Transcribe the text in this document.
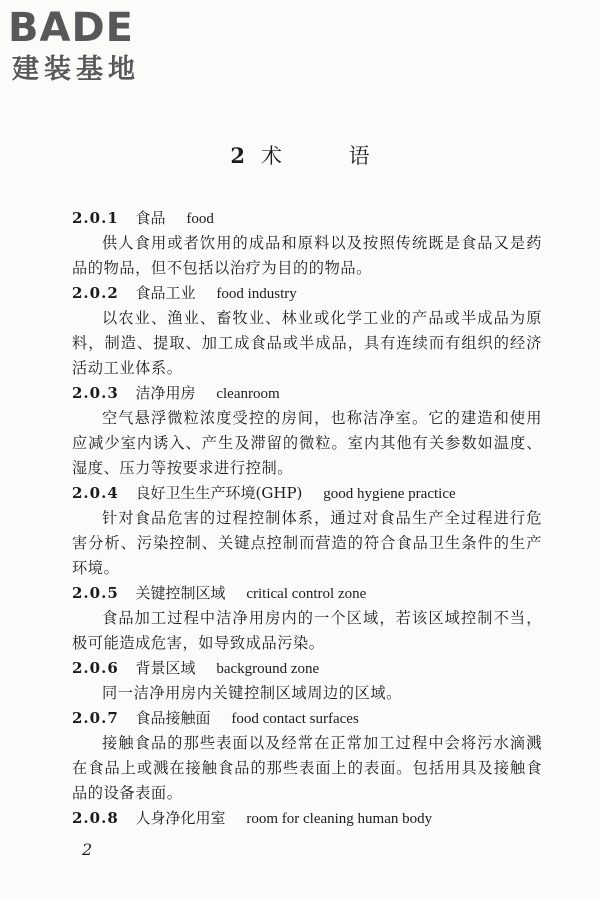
BADE
建装基地
2 术 语
2.0.1 食品 food

供人食用或者饮用的成品和原料以及按照传统既是食品又是药品的物品，但不包括以治疗为目的的物品。

2.0.2 食品工业 food industry

以农业、渔业、畜牧业、林业或化学工业的产品或半成品为原料，制造、提取、加工成食品或半成品，具有连续而有组织的经济活动工业体系。

2.0.3 洁净用房 cleanroom

空气悬浮微粒浓度受控的房间，也称洁净室。它的建造和使用应减少室内诱入、产生及滞留的微粒。室内其他有关参数如温度、湿度、压力等按要求进行控制。

2.0.4 良好卫生生产环境(GHP) good hygiene practice

针对食品危害的过程控制体系，通过对食品生产全过程进行危害分析、污染控制、关键点控制而营造的符合食品卫生条件的生产环境。

2.0.5 关键控制区域 critical control zone

食品加工过程中洁净用房内的一个区域，若该区域控制不当，极可能造成危害，如导致成品污染。

2.0.6 背景区域 background zone

同一洁净用房内关键控制区域周边的区域。

2.0.7 食品接触面 food contact surfaces

接触食品的那些表面以及经常在正常加工过程中会将污水滴溅在食品上或溅在接触食品的那些表面上的表面。包括用具及接触食品的设备表面。

2.0.8 人身净化用室 room for cleaning human body
2
